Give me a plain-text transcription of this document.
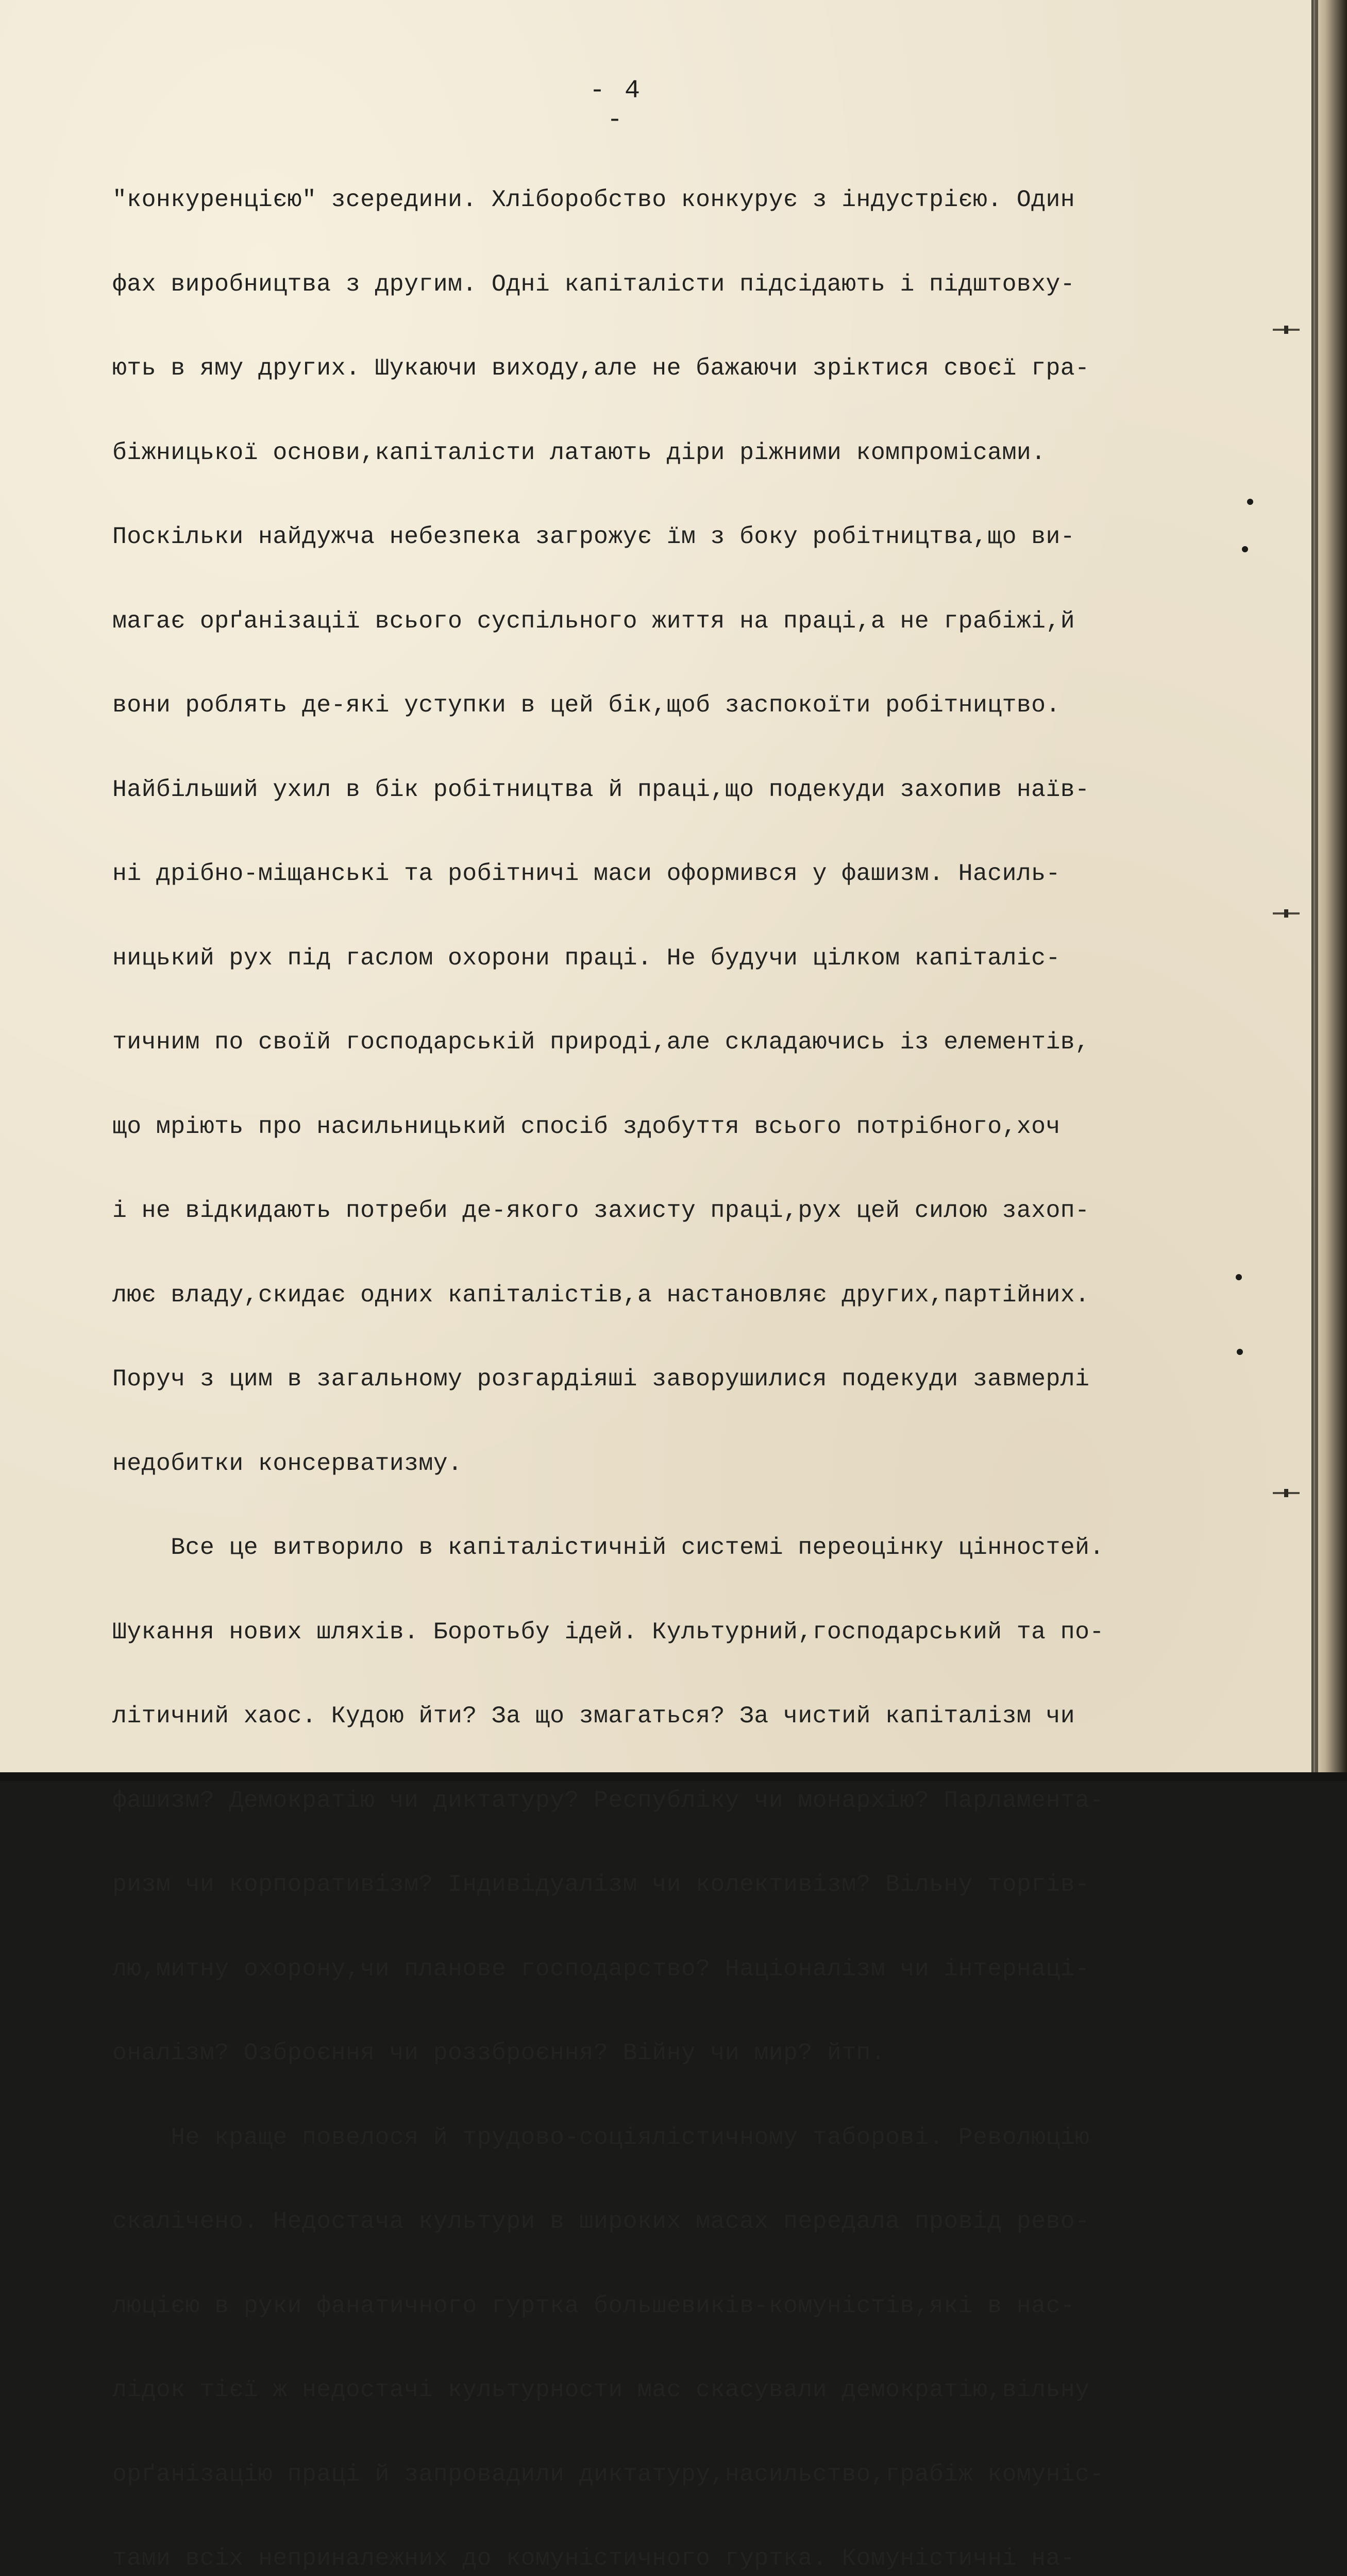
- 4 -

"конкуренцією" зсередини. Хліборобство конкурує з індустрією. Один

фах виробництва з другим. Одні капіталісти підсідають і підштовху-

ють в яму других. Шукаючи виходу,але не бажаючи зріктися своєї гра-

біжницької основи,капіталісти латають діри ріжними компромісами.

Поскільки найдужча небезпека загрожує їм з боку робітництва,що ви-

магає орґанізації всього суспільного життя на праці,а не грабіжі,й

вони роблять де-які уступки в цей бік,щоб заспокоїти робітництво.

Найбільший ухил в бік робітництва й праці,що подекуди захопив наїв-

ні дрібно-міщанські та робітничі маси оформився у фашизм. Насиль-

ницький рух під гаслом охорони праці. Не будучи цілком капіталіс-

тичним по своїй господарській природі,але складаючись із елементів,

що мріють про насильницький спосіб здобуття всього потрібного,хоч

і не відкидають потреби де-якого захисту праці,рух цей силою захоп-

лює владу,скидає одних капіталістів,а настановляє других,партійних.

Поруч з цим в загальному розгардіяші заворушилися подекуди завмерлі

недобитки консерватизму.

Все це витворило в капіталістичній системі переоцінку цінностей.

Шукання нових шляхів. Боротьбу ідей. Культурний,господарський та по-

літичний хаос. Кудою йти? За що змагаться? За чистий капіталізм чи

фашизм? Демократію чи диктатуру? Республіку чи монархію? Парламента-

ризм чи корпоративізм? Індивідуалізм чи колективізм? Вільну торгів-

лю,митну охорону,чи планове господарство? Націоналізм чи інтернаці-

оналізм? Озброєння чи роззброєння? Війну чи мир? йтп.

Не краще повелося й трудово-соціялістичному таборові. Революцію

скалічено. Недостача культури в широких масах передала провід рево-

люцією в руки фанатичного гуртка большевиків-комуністів,які в нас-

лідок тієї ж недостачі культурности мас скасували демократію,вільну

орґанізацію праці й запровадили диктатуру,насильство,грабіж комуніс-

тами всіх неприналежних до комуністичного гуртка. Комуністичні на-
